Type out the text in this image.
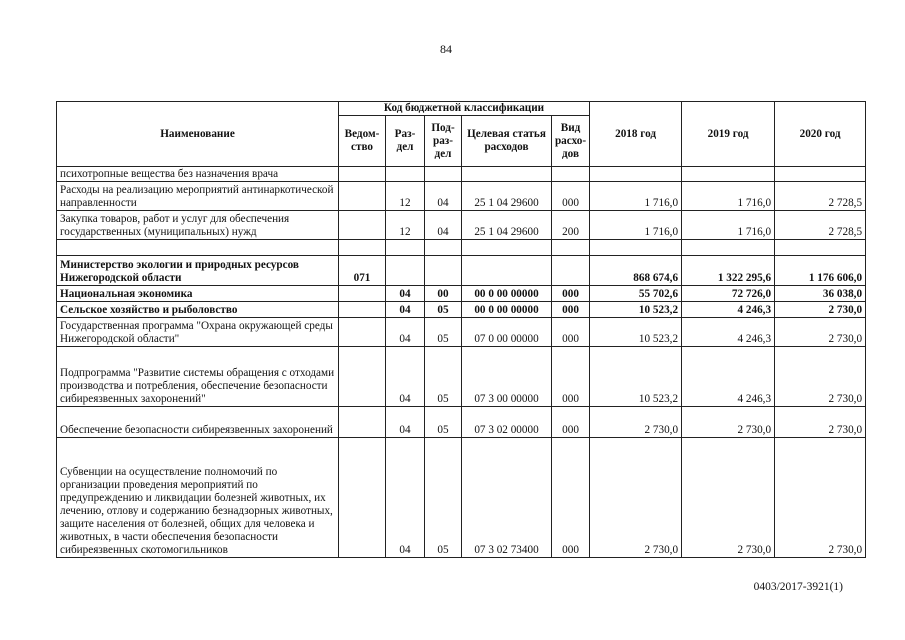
84
Наименование	Код бюджетной классификации					2018 год	2019 год	2020 год
	Ведом-ство	Раз-дел	Под-раз-дел	Целевая статья расходов	Вид расхо-дов			
психотропные вещества без назначения врача								
Расходы на реализацию мероприятий антинаркотической направленности		12	04	25 1 04 29600	000	1 716,0	1 716,0	2 728,5
Закупка товаров, работ и услуг для обеспечения государственных (муниципальных) нужд		12	04	25 1 04 29600	200	1 716,0	1 716,0	2 728,5

Министерство экологии и природных ресурсов Нижегородской области	071					868 674,6	1 322 295,6	1 176 606,0
Национальная экономика		04	00	00 0 00 00000	000	55 702,6	72 726,0	36 038,0
Сельское хозяйство и рыболовство		04	05	00 0 00 00000	000	10 523,2	4 246,3	2 730,0
Государственная программа "Охрана окружающей среды Нижегородской области"		04	05	07 0 00 00000	000	10 523,2	4 246,3	2 730,0
Подпрограмма "Развитие системы обращения с отходами производства и потребления, обеспечение безопасности сибиреязвенных захоронений"		04	05	07 3 00 00000	000	10 523,2	4 246,3	2 730,0
Обеспечение безопасности сибиреязвенных захоронений		04	05	07 3 02 00000	000	2 730,0	2 730,0	2 730,0
Субвенции на осуществление полномочий по организации проведения мероприятий по предупреждению и ликвидации болезней животных, их лечению, отлову и содержанию безнадзорных животных, защите населения от болезней, общих для человека и животных, в части обеспечения безопасности сибиреязвенных скотомогильников		04	05	07 3 02 73400	000	2 730,0	2 730,0	2 730,0
0403/2017-3921(1)
